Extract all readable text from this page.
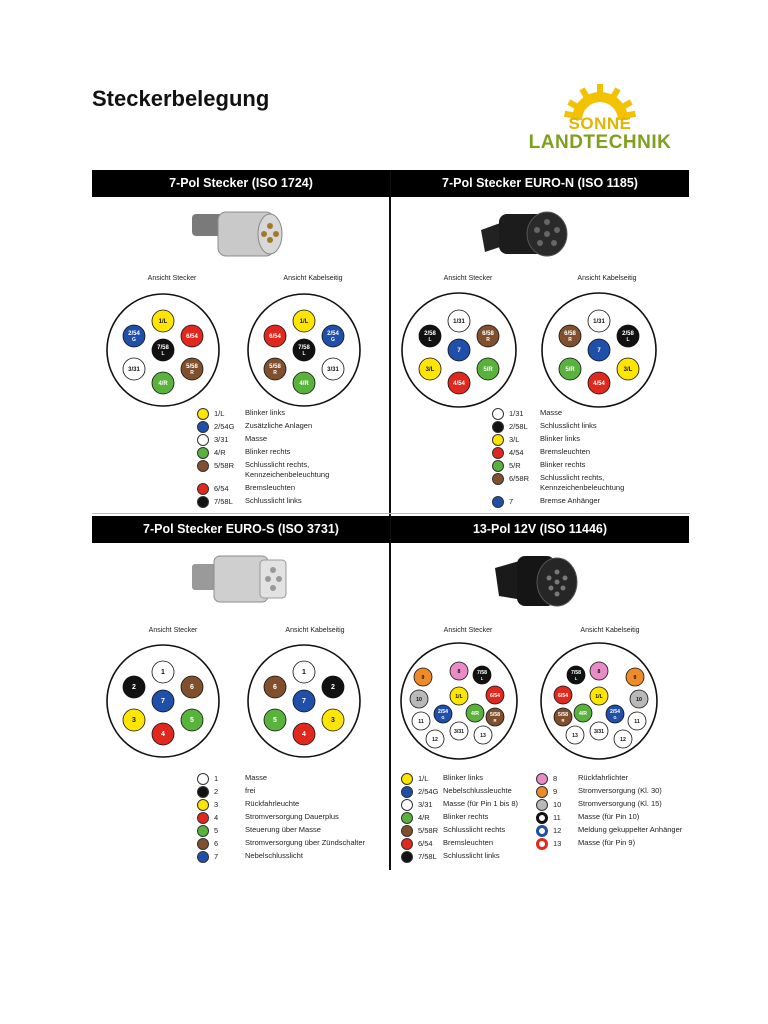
Steckerbelegung
SONNE
LANDTECHNIK
7-Pol Stecker (ISO 1724)
Ansicht Stecker	Ansicht Kabelseitig
1/L
6/54
2/54
G
7/58
L
5/58
R
3/31
4/R
1/L
6/54	2/54
G
7/58
L
5/58
R	3/31
4/R
1/L	Blinker links
2/54G Zusätzliche Anlagen
3/31 Masse
4/R	Blinker rechts
5/58R Schlusslicht rechts,
Kennzeichenbeleuchtung
6/54 Bremsleuchten
7/58L Schlusslicht links
7-Pol Stecker EURO-N (ISO 1185)
Ansicht Stecker	Ansicht Kabelseitig
1/31
6/58
R
2/58
L
7
5/R
3/L
4/54
1/31
6/58
R
2/58
L
7
5/R	3/L
4/54
1/31 Masse
2/58L Schlusslicht links
3/L	Blinker links
4/54 Bremsleuchten
5/R	Blinker rechts
6/58R Schlusslicht rechts,
Kennzeichenbeleuchtung
7	Bremse Anhänger
7-Pol Stecker EURO-S (ISO 3731)
Ansicht Stecker	Ansicht Kabelseitig
1
6
2
7
5
3
4
1
6	2
7
5	3
4
1	Masse
2	frei
3	Rückfahrleuchte
4	Stromversorgung Dauerplus
5	Steuerung über Masse
6	Stromversorgung über Zündschalter
7	Nebelschlusslicht
13-Pol 12V (ISO 11446)
Ansicht Stecker	Ansicht Kabelseitig
9
8	7/58
L
10	1/L	6/54
11
2/54
G
4/R 5/58
R
12
3/31
13
7/58
L
8
9
6/54	1/L	10
4/R	2/54
G
11
5/58
R
3/31
12
13
1/L Blinker links
2/54G Nebelschlussleuchte
3/31 Masse (für Pin 1 bis 8)
4/R Blinker rechts
5/58R Schlusslicht rechts
6/54 Bremsleuchten
7/58L Schlusslicht links
8	Rückfahrlichter
9	Stromversorgung (Kl. 30)
10 Stromversorgung (Kl. 15)
11 Masse (für Pin 10)
12 Meldung gekuppelter Anhänger
13 Masse (für Pin 9)
